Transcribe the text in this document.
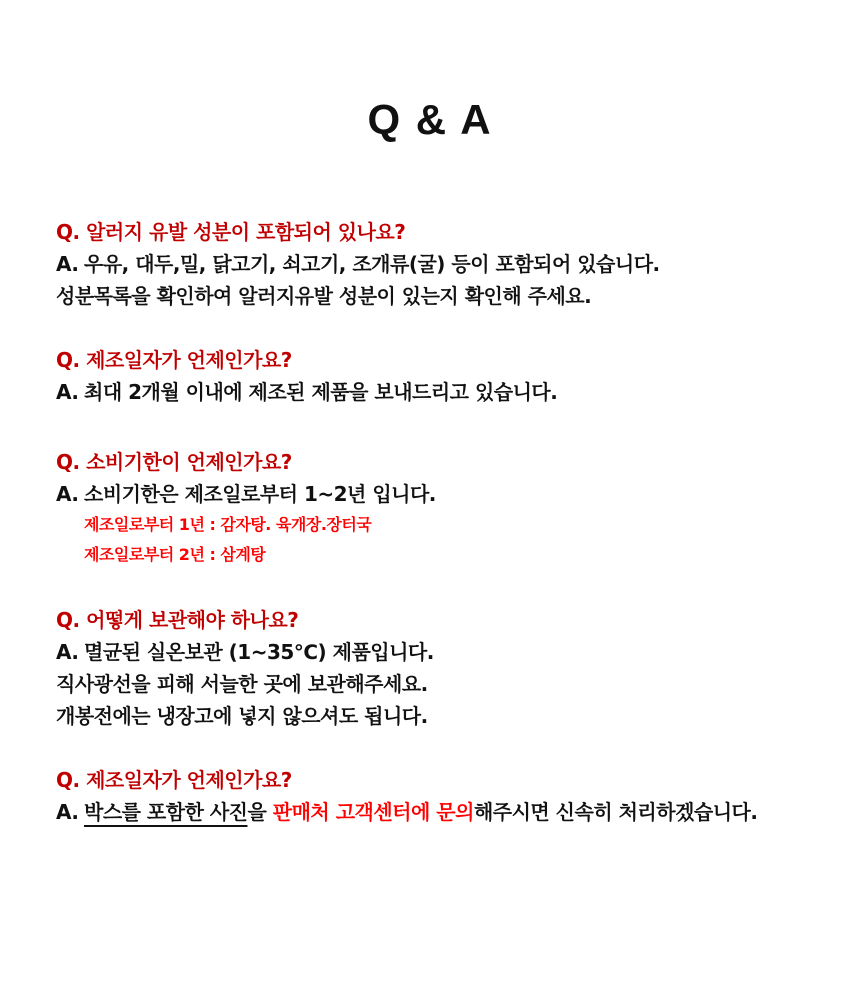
Q & A
Q. 알러지 유발 성분이 포함되어 있나요?
A. 우유, 대두,밀, 닭고기, 쇠고기, 조개류(굴) 등이 포함되어 있습니다.
성분목록을 확인하여 알러지유발 성분이 있는지 확인해 주세요.
Q. 제조일자가 언제인가요?
A. 최대 2개월 이내에 제조된 제품을 보내드리고 있습니다.
Q. 소비기한이 언제인가요?
A. 소비기한은 제조일로부터 1~2년 입니다.
제조일로부터 1년 : 감자탕. 육개장.장터국
제조일로부터 2년 : 삼계탕
Q. 어떻게 보관해야 하나요?
A. 멸균된 실온보관 (1~35℃) 제품입니다.
직사광선을 피해 서늘한 곳에 보관해주세요.
개봉전에는 냉장고에 넣지 않으셔도 됩니다.
Q. 제조일자가 언제인가요?
A. 박스를 포함한 사진을 판매처 고객센터에 문의해주시면 신속히 처리하겠습니다.
